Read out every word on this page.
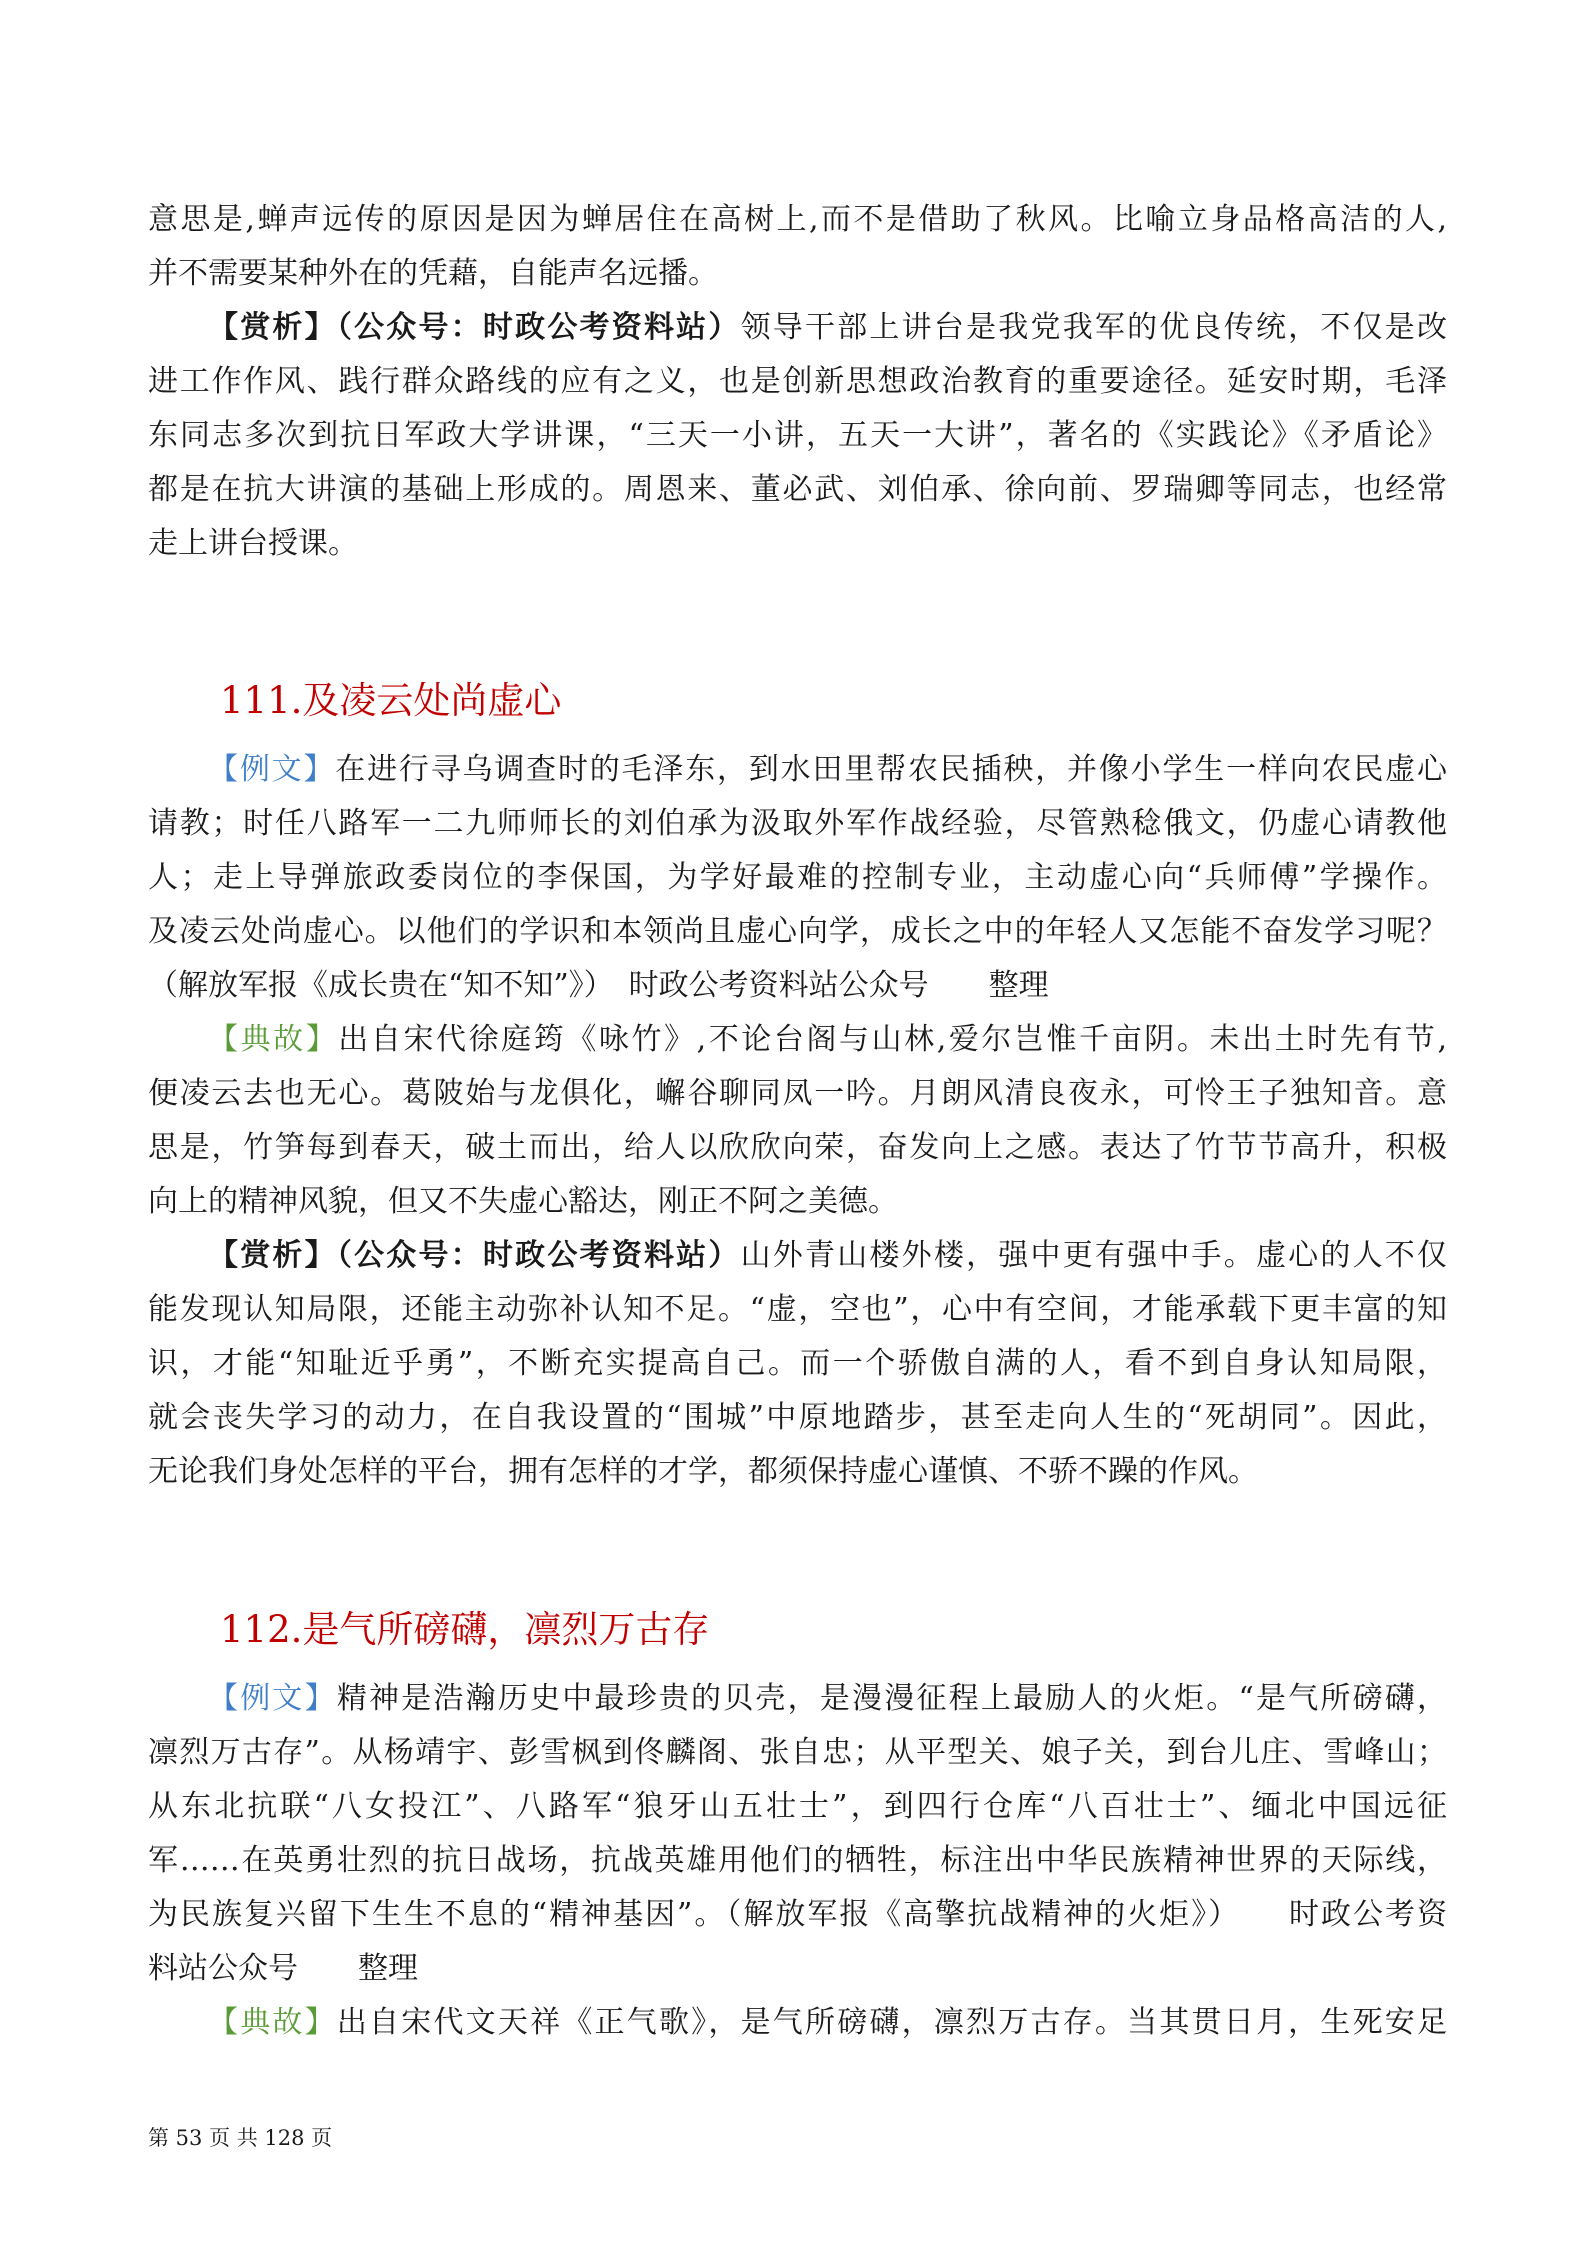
意思是,蝉声远传的原因是因为蝉居住在高树上,而不是借助了秋风。比喻立身品格高洁的人,
并不需要某种外在的凭藉，自能声名远播。
【赏析】（公众号：时政公考资料站）领导干部上讲台是我党我军的优良传统，不仅是改
进工作作风、践行群众路线的应有之义，也是创新思想政治教育的重要途径。延安时期，毛泽
东同志多次到抗日军政大学讲课，“三天一小讲，五天一大讲”，著名的《实践论》《矛盾论》
都是在抗大讲演的基础上形成的。周恩来、董必武、刘伯承、徐向前、罗瑞卿等同志，也经常
走上讲台授课。
111.及凌云处尚虚心
【例文】在进行寻乌调查时的毛泽东，到水田里帮农民插秧，并像小学生一样向农民虚心
请教；时任八路军一二九师师长的刘伯承为汲取外军作战经验，尽管熟稔俄文，仍虚心请教他
人；走上导弹旅政委岗位的李保国，为学好最难的控制专业，主动虚心向“兵师傅”学操作。
及凌云处尚虚心。以他们的学识和本领尚且虚心向学，成长之中的年轻人又怎能不奋发学习呢？
（解放军报《成长贵在“知不知”》）　时政公考资料站公众号　　整理
【典故】出自宋代徐庭筠《咏竹》,不论台阁与山林,爱尔岂惟千亩阴。未出土时先有节,
便凌云去也无心。葛陂始与龙俱化，嶰谷聊同凤一吟。月朗风清良夜永，可怜王子独知音。意
思是，竹笋每到春天，破土而出，给人以欣欣向荣，奋发向上之感。表达了竹节节高升，积极
向上的精神风貌，但又不失虚心豁达，刚正不阿之美德。
【赏析】（公众号：时政公考资料站）山外青山楼外楼，强中更有强中手。虚心的人不仅
能发现认知局限，还能主动弥补认知不足。“虚，空也”，心中有空间，才能承载下更丰富的知
识，才能“知耻近乎勇”，不断充实提高自己。而一个骄傲自满的人，看不到自身认知局限，
就会丧失学习的动力，在自我设置的“围城”中原地踏步，甚至走向人生的“死胡同”。因此，
无论我们身处怎样的平台，拥有怎样的才学，都须保持虚心谨慎、不骄不躁的作风。
112.是气所磅礴，凛烈万古存
【例文】精神是浩瀚历史中最珍贵的贝壳，是漫漫征程上最励人的火炬。“是气所磅礴，
凛烈万古存”。从杨靖宇、彭雪枫到佟麟阁、张自忠；从平型关、娘子关，到台儿庄、雪峰山；
从东北抗联“八女投江”、八路军“狼牙山五壮士”，到四行仓库“八百壮士”、缅北中国远征
军……在英勇壮烈的抗日战场，抗战英雄用他们的牺牲，标注出中华民族精神世界的天际线，
为民族复兴留下生生不息的“精神基因”。（解放军报《高擎抗战精神的火炬》）　　时政公考资
料站公众号　　整理
【典故】出自宋代文天祥《正气歌》，是气所磅礴，凛烈万古存。当其贯日月，生死安足
第 53 页 共 128 页
